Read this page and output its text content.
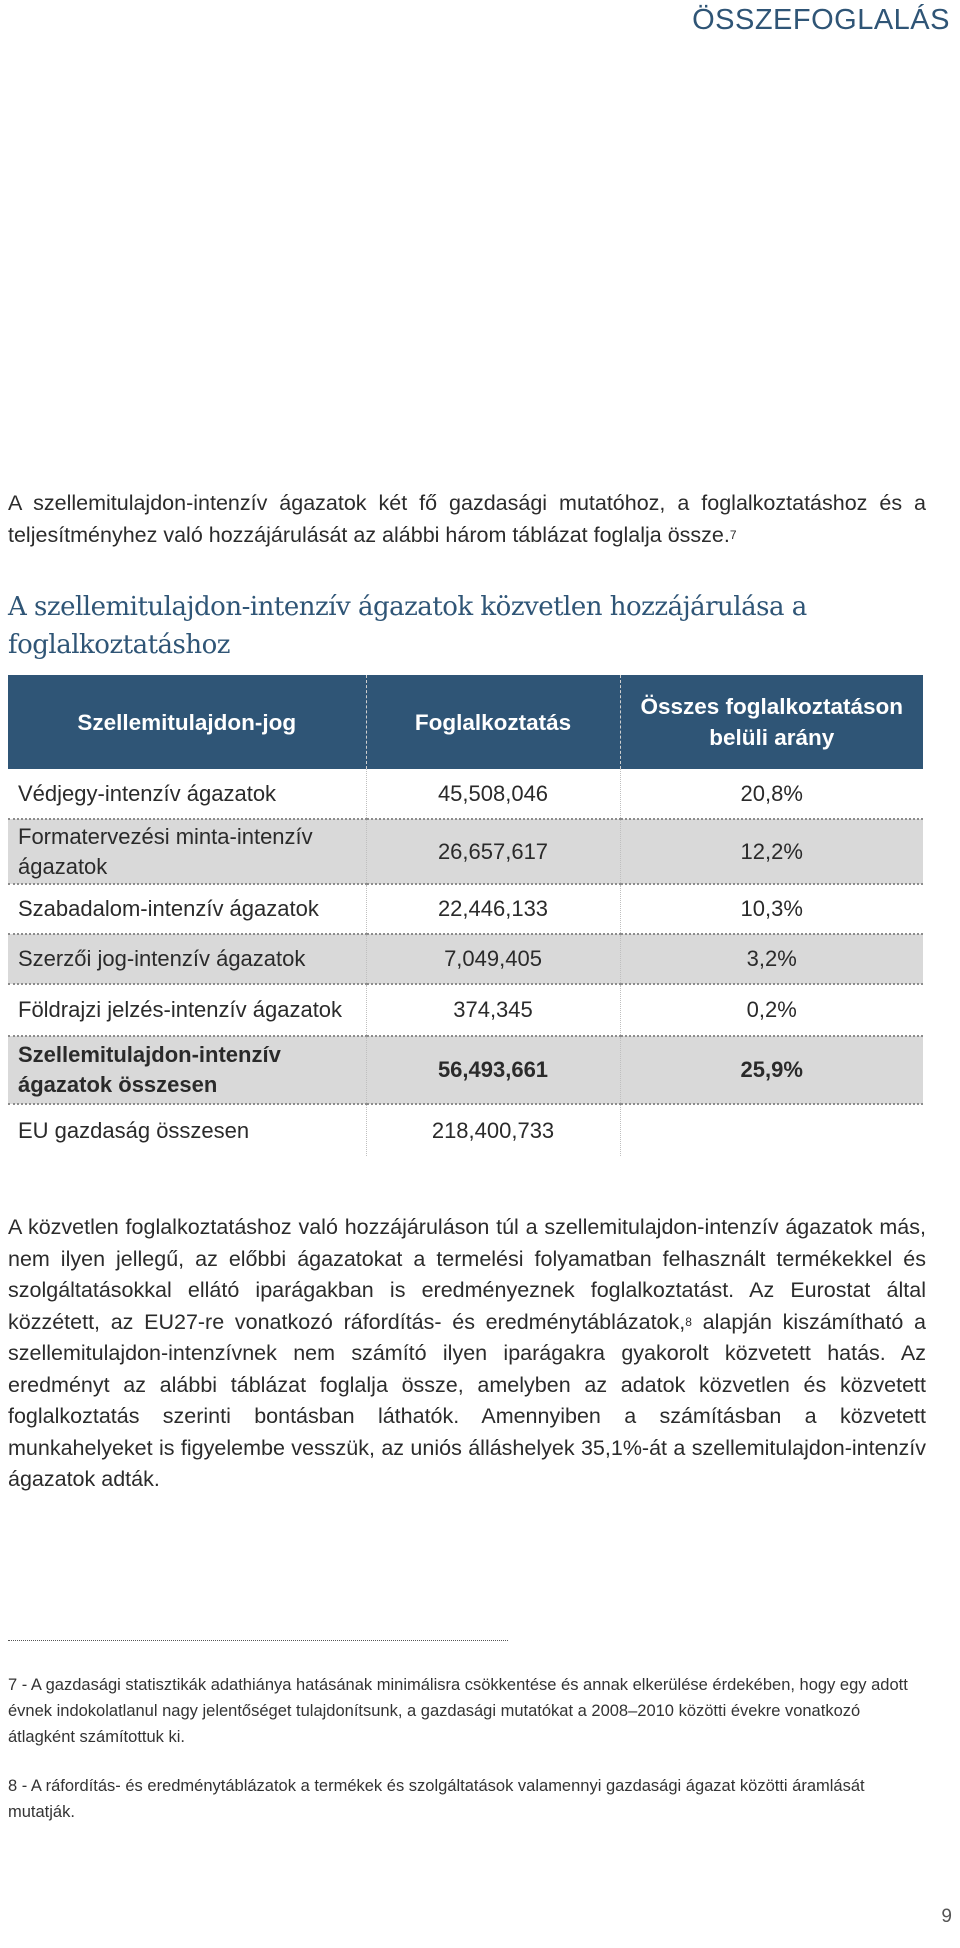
ÖSSZEFOGLALÁS

A szellemitulajdon-intenzív ágazatok két fő gazdasági mutatóhoz, a foglalkoztatáshoz és a teljesítményhez való hozzájárulását az alábbi három táblázat foglalja össze.$^7$

A szellemitulajdon-intenzív ágazatok közvetlen hozzájárulása a foglalkoztatáshoz
Szellemitulajdon-jog	Foglalkoztatás	Összes foglalkoztatáson belüli arány
Védjegy-intenzív ágazatok	45,508,046	20,8%
Formatervezési minta-intenzív ágazatok	26,657,617	12,2%
Szabadalom-intenzív ágazatok	22,446,133	10,3%
Szerzői jog-intenzív ágazatok	7,049,405	3,2%
Földrajzi jelzés-intenzív ágazatok	374,345	0,2%
Szellemitulajdon-intenzív ágazatok összesen	56,493,661	25,9%
EU gazdaság összesen	218,400,733	

A közvetlen foglalkoztatáshoz való hozzájáruláson túl a szellemitulajdon-intenzív ágazatok más, nem ilyen jellegű, az előbbi ágazatokat a termelési folyamatban felhasznált termékekkel és szolgáltatásokkal ellátó iparágakban is eredményeznek foglalkoztatást. Az Eurostat által közzétett, az EU27-re vonatkozó ráfordítás- és eredménytáblázatok,$^8$ alapján kiszámítható a szellemitulajdon-intenzívnek nem számító ilyen iparágakra gyakorolt közvetett hatás. Az eredményt az alábbi táblázat foglalja össze, amelyben az adatok közvetlen és közvetett foglalkoztatás szerinti bontásban láthatók. Amennyiben a számításban a közvetett munkahelyeket is figyelembe vesszük, az uniós álláshelyek 35,1%-át a szellemitulajdon-intenzív ágazatok adták.

7 - A gazdasági statisztikák adathiánya hatásának minimálisra csökkentése és annak elkerülése érdekében, hogy egy adott évnek indokolatlanul nagy jelentőséget tulajdonítsunk, a gazdasági mutatókat a 2008–2010 közötti évekre vonatkozó átlagként számítottuk ki.

8 - A ráfordítás- és eredménytáblázatok a termékek és szolgáltatások valamennyi gazdasági ágazat közötti áramlását mutatják.

9
